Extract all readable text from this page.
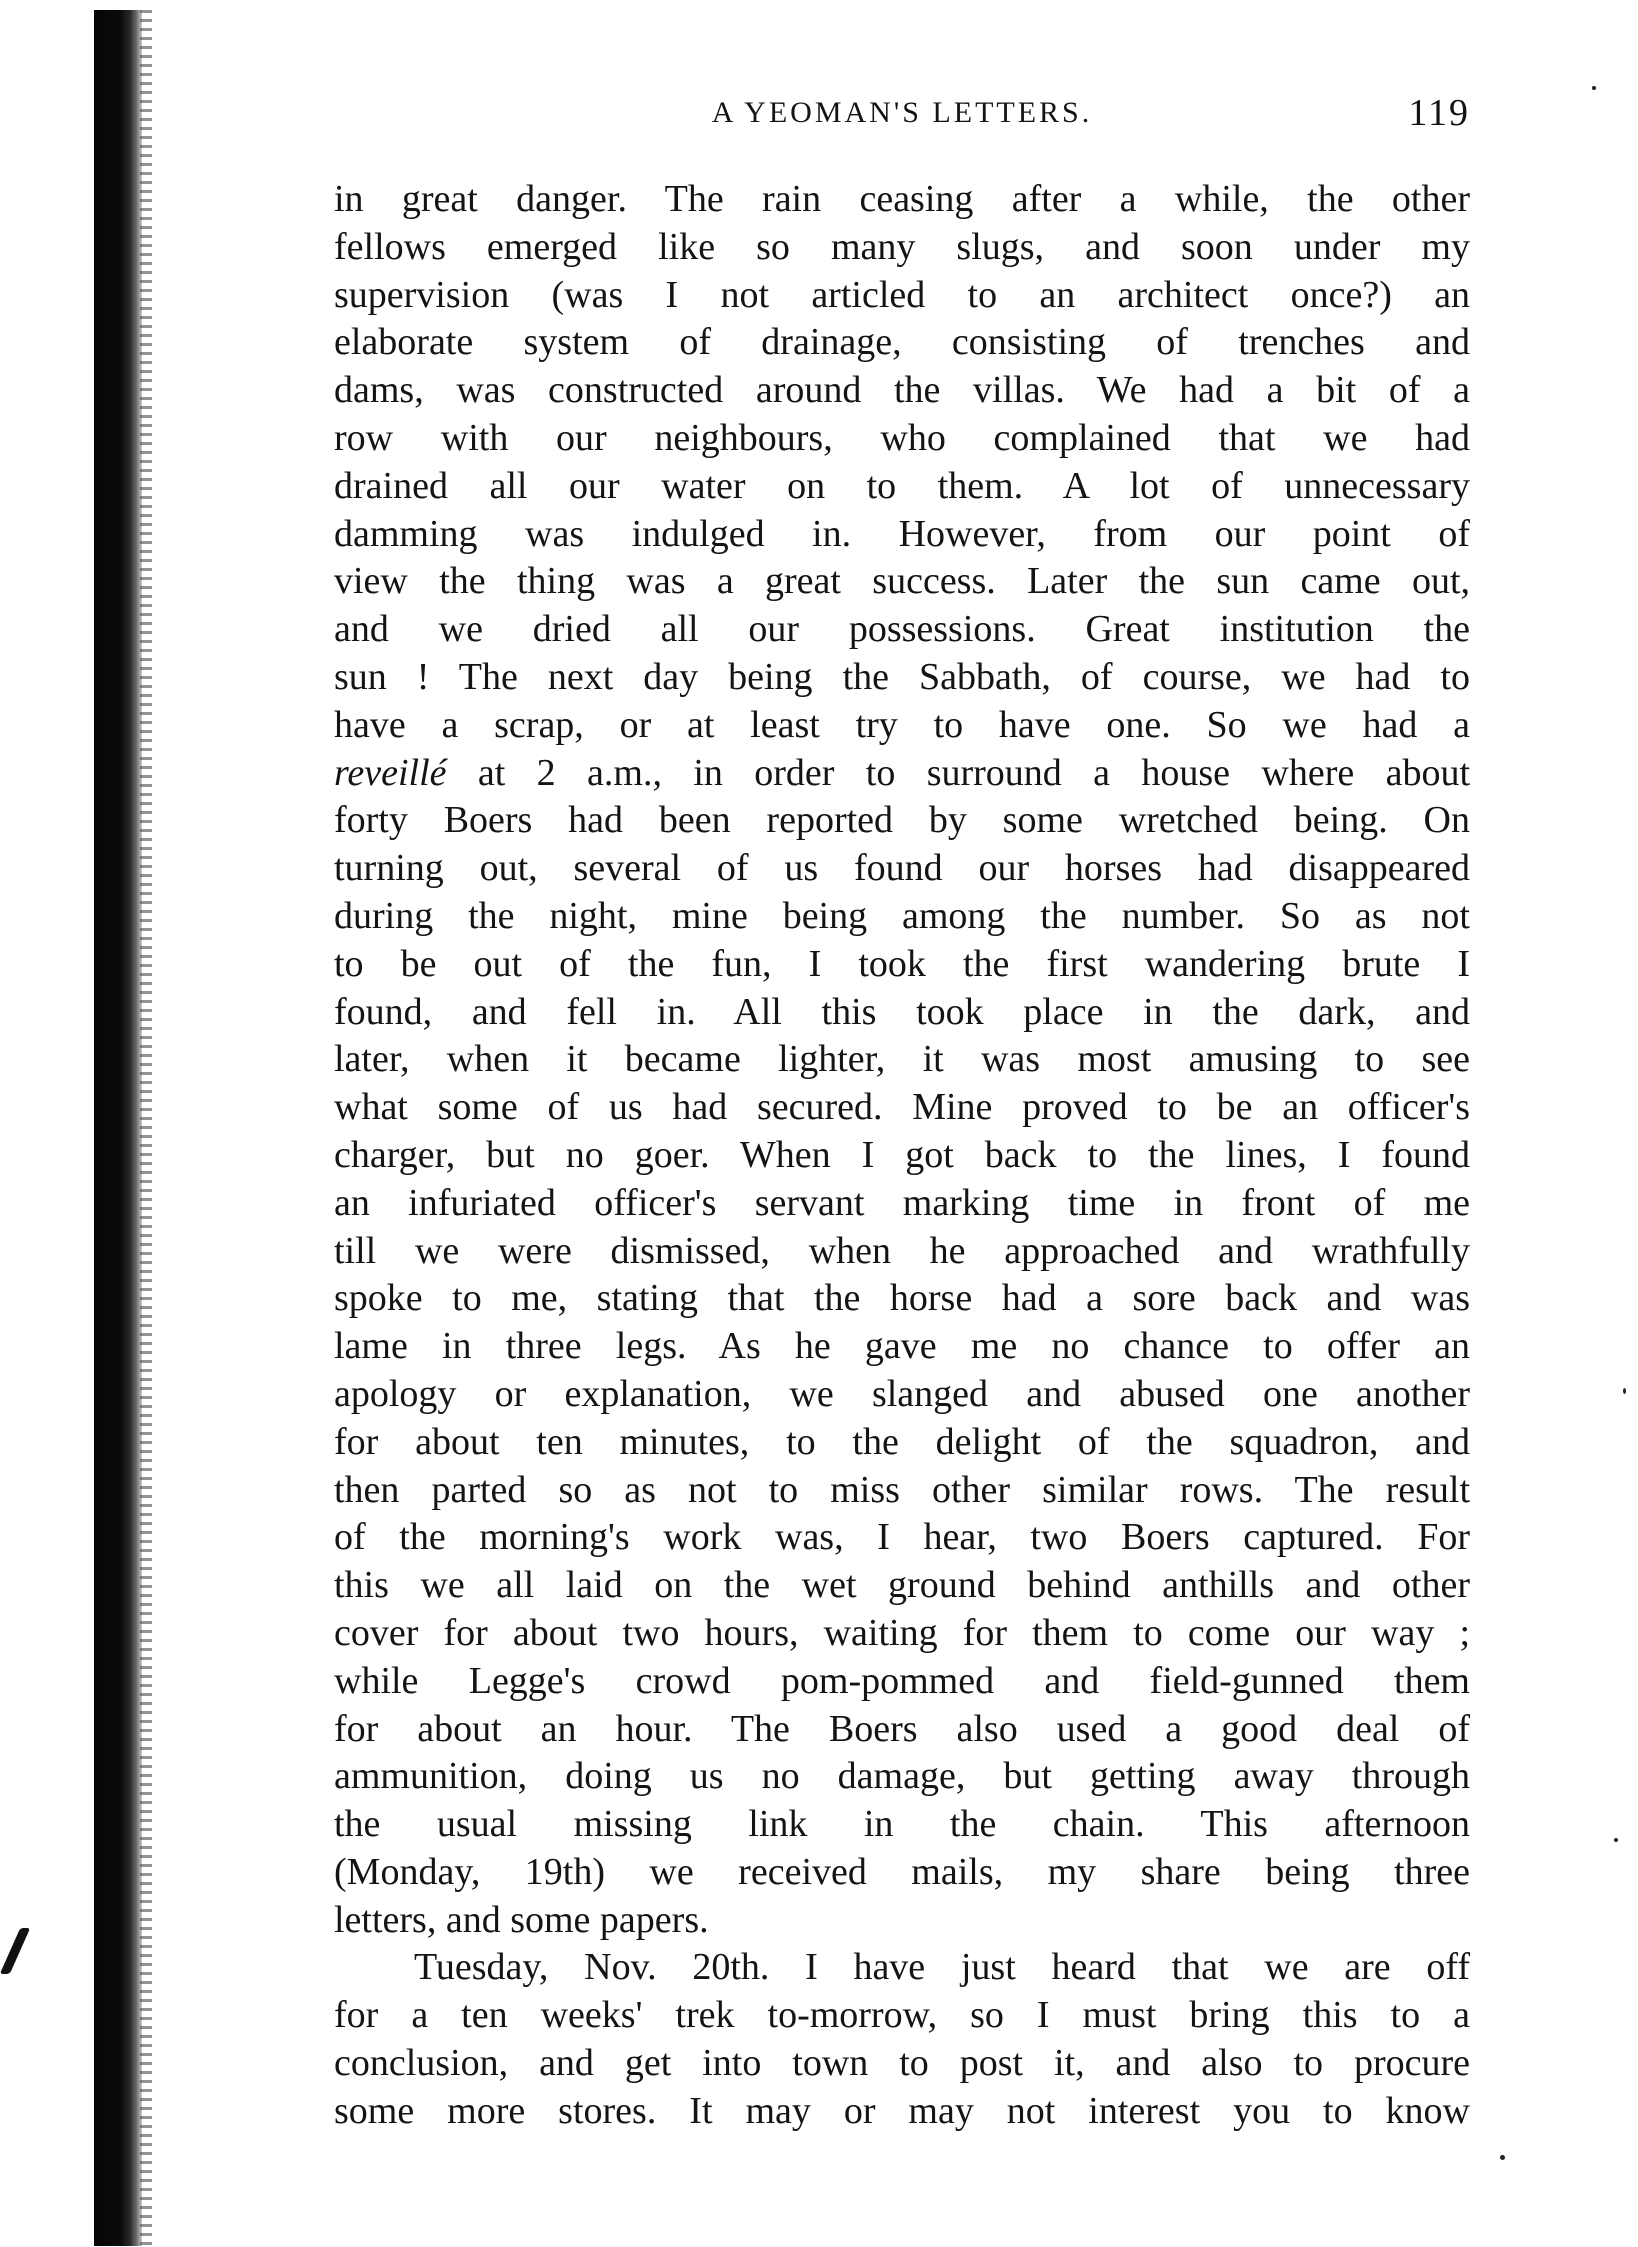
A YEOMAN'S LETTERS.	119
in great danger. The rain ceasing after a while, the other
fellows emerged like so many slugs, and soon under my
supervision (was I not articled to an architect once?) an
elaborate system of drainage, consisting of trenches and
dams, was constructed around the villas. We had a bit of a
row with our neighbours, who complained that we had
drained all our water on to them. A lot of unnecessary
damming was indulged in. However, from our point of
view the thing was a great success. Later the sun came out,
and we dried all our possessions. Great institution the
sun ! The next day being the Sabbath, of course, we had to
have a scrap, or at least try to have one. So we had a
reveillé at 2 a.m., in order to surround a house where about
forty Boers had been reported by some wretched being. On
turning out, several of us found our horses had disappeared
during the night, mine being among the number. So as not
to be out of the fun, I took the first wandering brute I
found, and fell in. All this took place in the dark, and
later, when it became lighter, it was most amusing to see
what some of us had secured. Mine proved to be an officer's
charger, but no goer. When I got back to the lines, I found
an infuriated officer's servant marking time in front of me
till we were dismissed, when he approached and wrathfully
spoke to me, stating that the horse had a sore back and was
lame in three legs. As he gave me no chance to offer an
apology or explanation, we slanged and abused one another
for about ten minutes, to the delight of the squadron, and
then parted so as not to miss other similar rows. The result
of the morning's work was, I hear, two Boers captured. For
this we all laid on the wet ground behind anthills and other
cover for about two hours, waiting for them to come our way ;
while Legge's crowd pom-pommed and field-gunned them
for about an hour. The Boers also used a good deal of
ammunition, doing us no damage, but getting away through
the usual missing link in the chain. This afternoon
(Monday, 19th) we received mails, my share being three
letters, and some papers.
Tuesday, Nov. 20th. I have just heard that we are off
for a ten weeks' trek to-morrow, so I must bring this to a
conclusion, and get into town to post it, and also to procure
some more stores. It may or may not interest you to know
